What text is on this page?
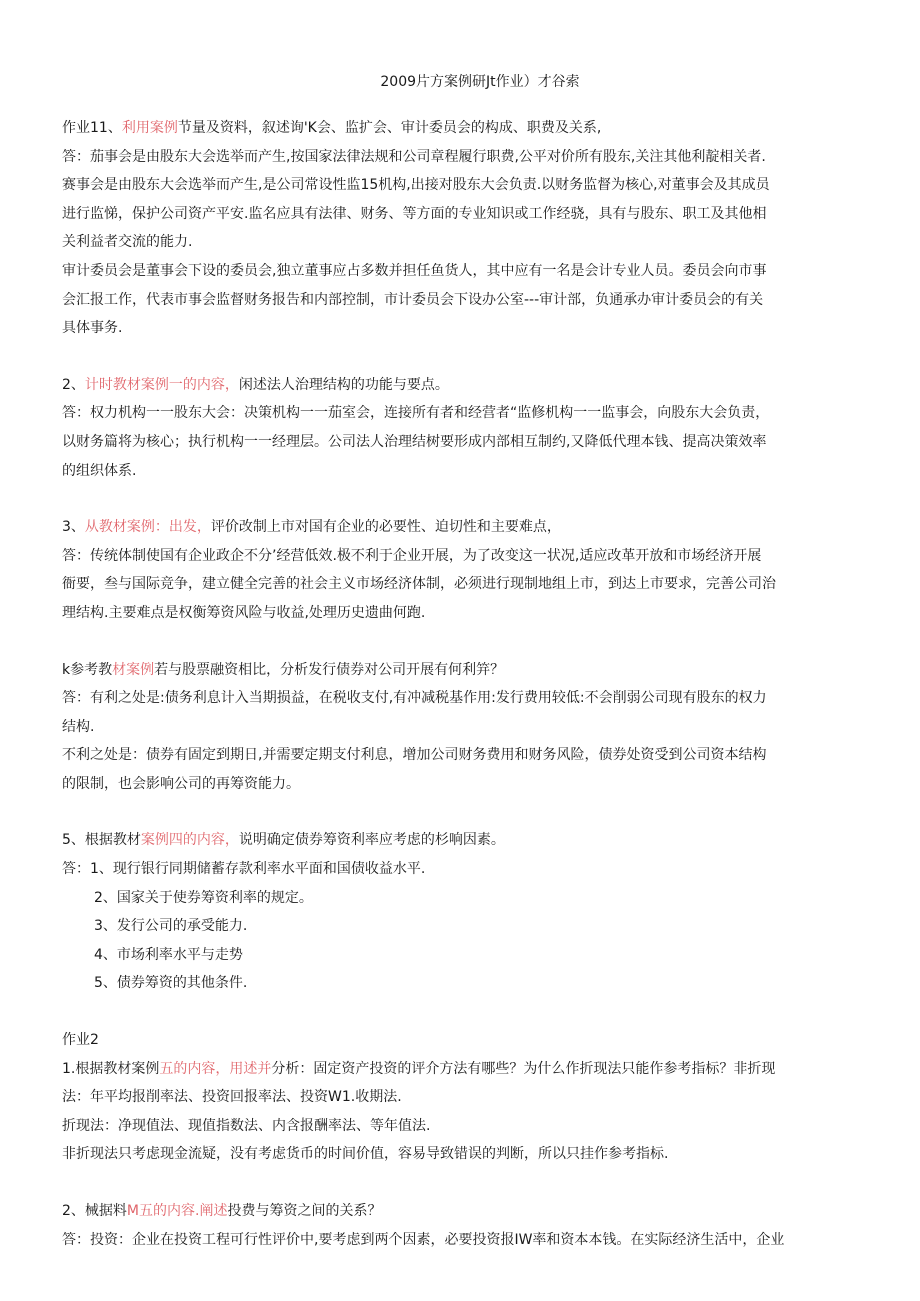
2009片方案例研Jt作业）才谷索
作业11、利用案例节量及资料，叙述询'K会、监扩会、审计委员会的构成、职费及关系,
答：茄事会是由股东大会选举而产生,按国家法律法规和公司章程履行职费,公平对价所有股东,关注其他利靛相关者.
赛事会是由股东大会选举而产生,是公司常设性监15机构,出接对股东大会负责.以财务监督为核心,对董事会及其成员
进行监悌，保护公司资产平安.监名应具有法律、财务、等方面的专业知识或工作经骁，具有与股东、职工及其他相
关利益者交流的能力.
审计委员会是董事会下设的委员会,独立董事应占多数并担任鱼货人，其中应有一名是会计专业人员。委员会向市事
会汇报工作，代表市事会监督财务报告和内部控制，市计委员会下设办公室---审计部，负通承办审计委员会的有关
具体事务.
2、计时教材案例一的内容，闲述法人治理结构的功能与要点。
答：权力机构一一股东大会：决策机构一一茄室会，连接所有者和经营者“监修机构一一监事会，向股东大会负责，
以财务篇将为核心；执行机构一一经理层。公司法人治理结树要形成内部相互制约,又降低代理本钱、提高决策效率
的组织体系.
3、从教材案例：出发，评价改制上市对国有企业的必要性、迫切性和主要难点，
答：传统体制使国有企业政企不分’经营低效.极不利于企业开展，为了改变这一状况,适应改革开放和市场经济开展
衙要，叁与国际竞争，建立健全完善的社会主义市场经济体制，必须进行现制地组上市，到达上市要求，完善公司治
理结构.主要难点是权衡筹资风险与收益,处理历史遗曲何跑.
k参考教材案例若与股票融资相比，分析发行债券对公司开展有何利笄？
答：有利之处是:债务利息计入当期损益，在税收支付,有冲减税基作用:发行费用较低:不会削弱公司现有股东的权力
结构.
不利之处是：债券有固定到期日,并需要定期支付利息，增加公司财务费用和财务风险，债券处资受到公司资本结构
的限制，也会影响公司的再筹资能力。
5、根据教材案例四的内容，说明确定债券筹资利率应考虑的杉响因素。
答：1、现行银行同期储蓄存款利率水平面和国债收益水平.
2、国家关于使券筹资利率的规定。
3、发行公司的承受能力.
4、市场利率水平与走势
5、债券筹资的其他条件.
作业2
1.根据教材案例五的内容，用述并分析：固定资产投资的评介方法有哪些？为什么作折现法只能作参考指标？非折现
法：年平均报削率法、投资回报率法、投资W1.收期法.
折现法：净现值法、现值指数法、内含报酬率法、等年值法.
非折现法只考虑现金流疑，没有考虑货币的时间价值，容易导致错误的判断，所以只挂作参考指标.
2、械据料M五的内容.阐述投费与筹资之间的关系？
答：投资：企业在投资工程可行性评价中,要考虑到两个因素，必要投资报IW率和资本本钱。在实际经济生活中，企业
